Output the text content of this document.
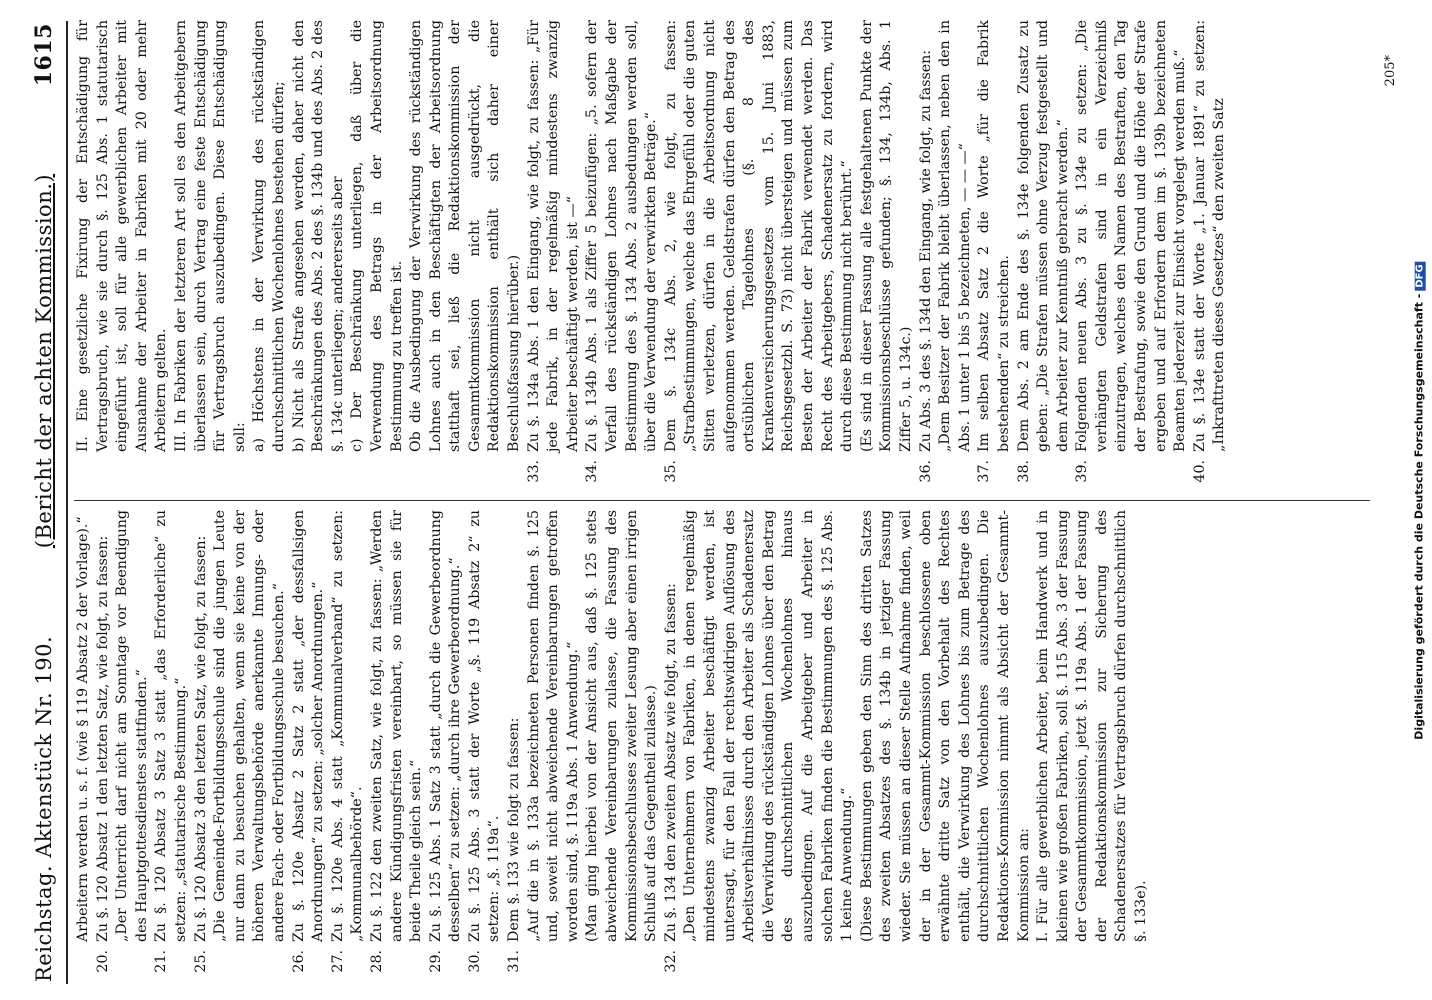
Reichstag. Aktenstück Nr. 190.
(Bericht der achten Kommission.)
1615
Arbeitern werden u. s. f. (wie § 119 Absatz 2 der Vorlage).“
20.
Zu §. 120 Absatz 1 den letzten Satz, wie folgt, zu fassen: „Der Unterricht darf nicht am Sonntage vor Beendigung des Hauptgottesdienstes stattfinden.“
21.
Zu §. 120 Absatz 3 Satz 3 statt „das Erforderliche“ zu setzen: „statutarische Bestimmung.“
25.
Zu §. 120 Absatz 3 den letzten Satz, wie folgt, zu fassen: „Die Gemeinde-Fortbildungsschule sind die jungen Leute nur dann zu besuchen gehalten, wenn sie keine von der höheren Verwaltungsbehörde anerkannte Innungs- oder andere Fach- oder Fortbildungsschule besuchen.“
26.
Zu §. 120e Absatz 2 Satz 2 statt „der dessfallsigen Anordnungen“ zu setzen: „solcher Anordnungen.“
27.
Zu §. 120e Abs. 4 statt „Kommunalverband“ zu setzen: „Kommunalbehörde“.
28.
Zu §. 122 den zweiten Satz, wie folgt, zu fassen: „Werden andere Kündigungsfristen vereinbart, so müssen sie für beide Theile gleich sein.“
29.
Zu §. 125 Abs. 1 Satz 3 statt „durch die Gewerbeordnung desselben“ zu setzen: „durch ihre Gewerbeordnung.“
30.
Zu §. 125 Abs. 3 statt der Worte „§. 119 Absatz 2“ zu setzen: „§. 119a“.
31.
Dem §. 133 wie folgt zu fassen: „Auf die in §. 133a bezeichneten Personen finden §. 125 und, soweit nicht abweichende Vereinbarungen getroffen worden sind, §. 119a Abs. 1 Anwendung.“ (Man ging hierbei von der Ansicht aus, daß §. 125 stets abweichende Vereinbarungen zulasse, die Fassung des Kommissionsbeschlusses zweiter Lesung aber einen irrigen Schluß auf das Gegentheil zulasse.)
32.
Zu §. 134 den zweiten Absatz wie folgt, zu fassen: „Den Unternehmern von Fabriken, in denen regelmäßig mindestens zwanzig Arbeiter beschäftigt werden, ist untersagt, für den Fall der rechtswidrigen Auflösung des Arbeitsverhältnisses durch den Arbeiter als Schadenersatz die Verwirkung des rückständigen Lohnes über den Betrag des durchschnittlichen Wochenlohnes hinaus auszubedingen. Auf die Arbeitgeber und Arbeiter in solchen Fabriken finden die Bestimmungen des §. 125 Abs. 1 keine Anwendung.“ (Diese Bestimmungen geben den Sinn des dritten Satzes des zweiten Absatzes des §. 134b in jetziger Fassung wieder. Sie müssen an dieser Stelle Aufnahme finden, weil der in der Gesammt-Kommission beschlossene oben erwähnte dritte Satz von den Vorbehalt des Rechtes enthält, die Verwirkung des Lohnes bis zum Betrage des durchschnittlichen Wochenlohnes auszubedingen. Die Redaktions-Kommission nimmt als Absicht der Gesammt-Kommission an: I. Für alle gewerblichen Arbeiter, beim Handwerk und in kleinen wie großen Fabriken, soll §. 115 Abs. 3 der Fassung der Gesammtkommission, jetzt §. 119a Abs. 1 der Fassung der Redaktionskommission zur Sicherung des Schadenersatzes für Vertragsbruch dürfen durchschnittlich §. 133e).
II. Eine gesetzliche Fixirung der Entschädigung für Vertragsbruch, wie sie durch §. 125 Abs. 1 statutarisch eingeführt ist, soll für alle gewerblichen Arbeiter mit Ausnahme der Arbeiter in Fabriken mit 20 oder mehr Arbeitern gelten. III. In Fabriken der letzteren Art soll es den Arbeitgebern überlassen sein, durch Vertrag eine feste Entschädigung für Vertragsbruch auszubedingen. Diese Entschädigung soll: a) Höchstens in der Verwirkung des rückständigen durchschnittlichen Wochenlohnes bestehen dürfen; b) Nicht als Strafe angesehen werden, daher nicht den Beschränkungen des Abs. 2 des §. 134b und des Abs. 2 des §. 134c unterliegen; andererseits aber c) Der Beschränkung unterliegen, daß über die Verwendung des Betrags in der Arbeitsordnung Bestimmung zu treffen ist. Ob die Ausbedingung der Verwirkung des rückständigen Lohnes auch in den Beschäftigten der Arbeitsordnung statthaft sei, ließ die Redaktionskommission der Gesammtkommission nicht ausgedrückt, die Redaktionskommission enthält sich daher einer Beschlußfassung hierüber.)
33.
Zu §. 134a Abs. 1 den Eingang, wie folgt, zu fassen: „Für jede Fabrik, in der regelmäßig mindestens zwanzig Arbeiter beschäftigt werden, ist —“
34.
Zu §. 134b Abs. 1 als Ziffer 5 beizufügen: „5. sofern der Verfall des rückständigen Lohnes nach Maßgabe der Bestimmung des §. 134 Abs. 2 ausbedungen werden soll, über die Verwendung der verwirkten Beträge.“
35.
Dem §. 134c Abs. 2, wie folgt, zu fassen: „Strafbestimmungen, welche das Ehrgefühl oder die guten Sitten verletzen, dürfen in die Arbeitsordnung nicht aufgenommen werden. Geldstrafen dürfen den Betrag des ortsüblichen Tagelohnes (§. 8 des Krankenversicherungsgesetzes vom 15. Juni 1883, Reichsgesetzbl. S. 73) nicht übersteigen und müssen zum Besten der Arbeiter der Fabrik verwendet werden. Das Recht des Arbeitgebers, Schadenersatz zu fordern, wird durch diese Bestimmung nicht berührt.“ (Es sind in dieser Fassung alle festgehaltenen Punkte der Kommissionsbeschlüsse gefunden; §. 134, 134b, Abs. 1 Ziffer 5, u. 134c.)
36.
Zu Abs. 3 des §. 134d den Eingang, wie folgt, zu fassen: „Dem Besitzer der Fabrik bleibt überlassen, neben den in Abs. 1 unter 1 bis 5 bezeichneten, — — —“
37.
Im selben Absatz Satz 2 die Worte „für die Fabrik bestehenden“ zu streichen.
38.
Dem Abs. 2 am Ende des §. 134e folgenden Zusatz zu geben: „Die Strafen müssen ohne Verzug festgestellt und dem Arbeiter zur Kenntniß gebracht werden.“
39.
Folgenden neuen Abs. 3 zu §. 134e zu setzen: „Die verhängten Geldstrafen sind in ein Verzeichniß einzutragen, welches den Namen des Bestraften, den Tag der Bestrafung, sowie den Grund und die Höhe der Strafe ergeben und auf Erfordern dem im §. 139b bezeichneten Beamten jederzeit zur Einsicht vorgelegt werden muß.“
40.
Zu §. 134e statt der Worte „1. Januar 1891“ zu setzen: „Inkrafttreten dieses Gesetzes“ den zweiten Satz
205*
Digitalisierung gefördert durch die Deutsche Forschungsgemeinschaft -DFG
